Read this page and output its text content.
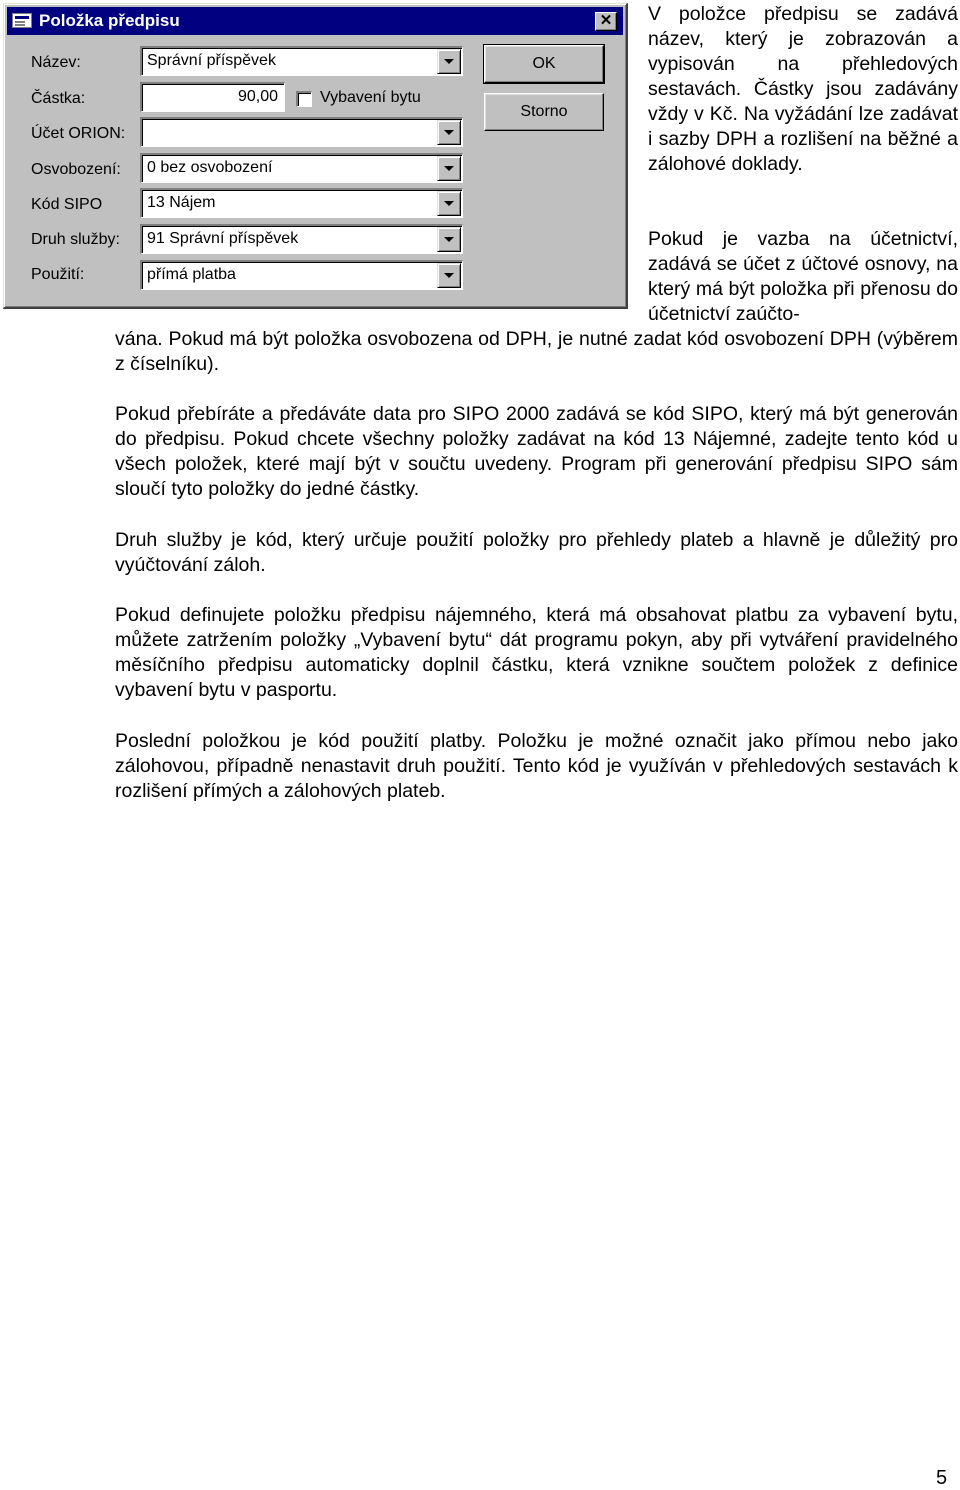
Položka předpisu	✕
Název:	Správní příspěvek
Částka:	90,00	Vybavení bytu
Účet ORION:
Osvobození: 0 bez osvobození
Kód SIPO	13 Nájem
Druh služby: 91 Správní příspěvek
Použití:	přímá platba
OK
Storno

V položce předpisu se zadává název, který je zobrazován a vypisován na přehledových sestavách. Částky jsou zadávány vždy v Kč. Na vyžádání lze zadávat i sazby DPH a rozlišení na běžné a zálohové doklady.

Pokud je vazba na účetnictví, zadává se účet z účtové osnovy, na který má být položka při přenosu do účetnictví zaúčto-

vána. Pokud má být položka osvobozena od DPH, je nutné zadat kód osvobození DPH (výběrem z číselníku).

Pokud přebíráte a předáváte data pro SIPO 2000 zadává se kód SIPO, který má být generován do předpisu. Pokud chcete všechny položky zadávat na kód 13 Nájemné, zadejte tento kód u všech položek, které mají být v součtu uvedeny. Program při generování předpisu SIPO sám sloučí tyto položky do jedné částky.

Druh služby je kód, který určuje použití položky pro přehledy plateb a hlavně je důležitý pro vyúčtování záloh.

Pokud definujete položku předpisu nájemného, která má obsahovat platbu za vybavení bytu, můžete zatržením položky „Vybavení bytu“ dát programu pokyn, aby při vytváření pravidelného měsíčního předpisu automaticky doplnil částku, která vznikne součtem položek z definice vybavení bytu v pasportu.

Poslední položkou je kód použití platby. Položku je možné označit jako přímou nebo jako zálohovou, případně nenastavit druh použití. Tento kód je využíván v přehledových sestavách k rozlišení přímých a zálohových plateb.

5
